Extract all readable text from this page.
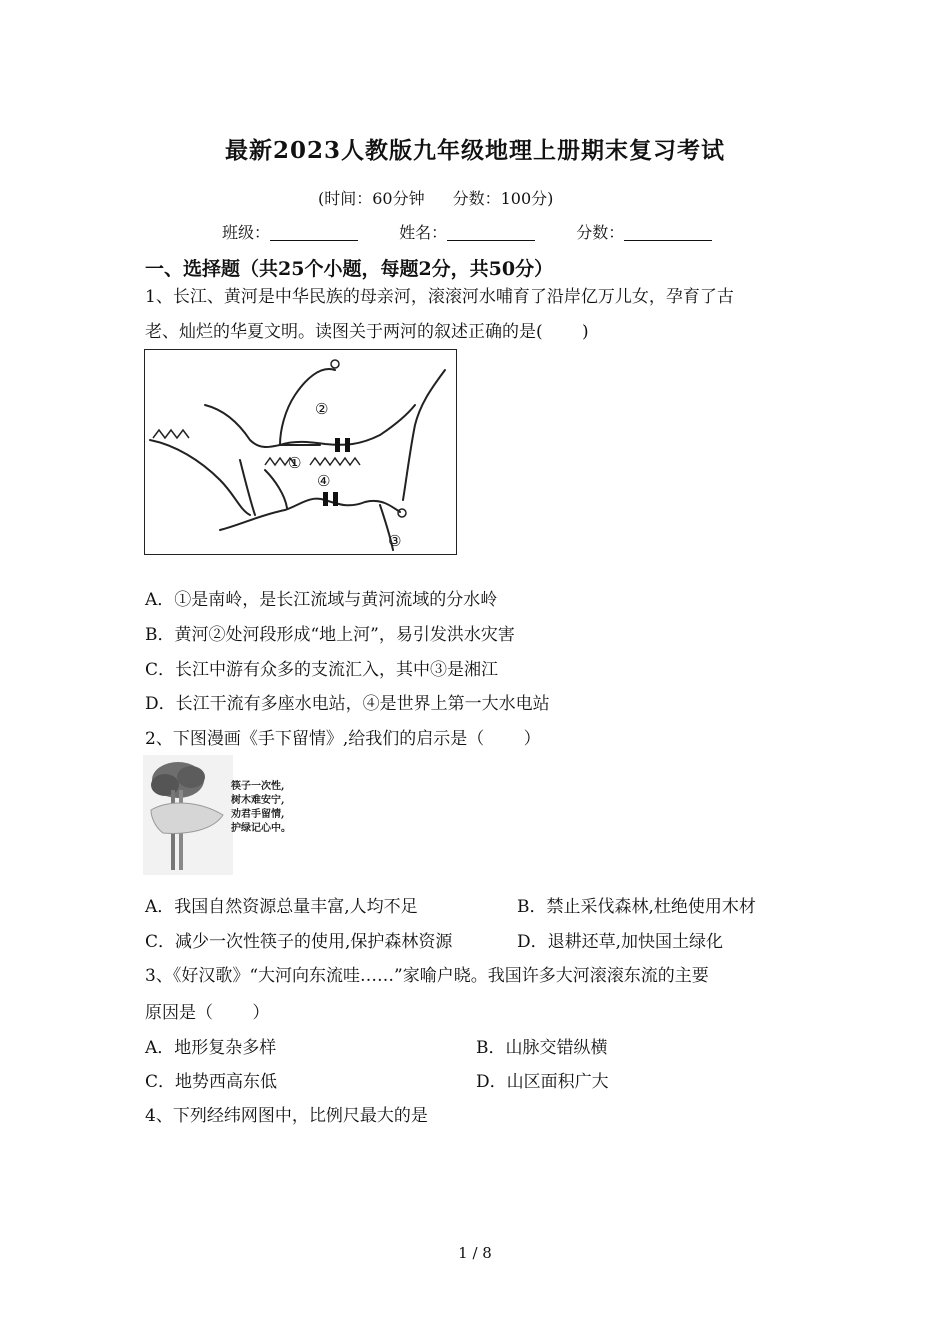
最新2023人教版九年级地理上册期末复习考试
(时间：60分钟 分数：100分)
班级：	姓名：	分数：
一、选择题（共25个小题，每题2分，共50分）
1、长江、黄河是中华民族的母亲河，滚滚河水哺育了沿岸亿万儿女，孕育了古
老、灿烂的华夏文明。读图关于两河的叙述正确的是(　　 )
②
①
④
③
A．①是南岭，是长江流域与黄河流域的分水岭
B．黄河②处河段形成“地上河”，易引发洪水灾害
C．长江中游有众多的支流汇入，其中③是湘江
D．长江干流有多座水电站，④是世界上第一大水电站
2、下图漫画《手下留情》,给我们的启示是（　　 ）
筷子一次性,
树木难安宁,
劝君手留情,
护绿记心中。
A．我国自然资源总量丰富,人均不足	B．禁止采伐森林,杜绝使用木材
C．减少一次性筷子的使用,保护森林资源	D．退耕还草,加快国土绿化
3、《好汉歌》“大河向东流哇……”家喻户晓。我国许多大河滚滚东流的主要
原因是（　　 ）
A．地形复杂多样	B．山脉交错纵横
C．地势西高东低	D．山区面积广大
4、下列经纬网图中，比例尺最大的是
1 / 8
